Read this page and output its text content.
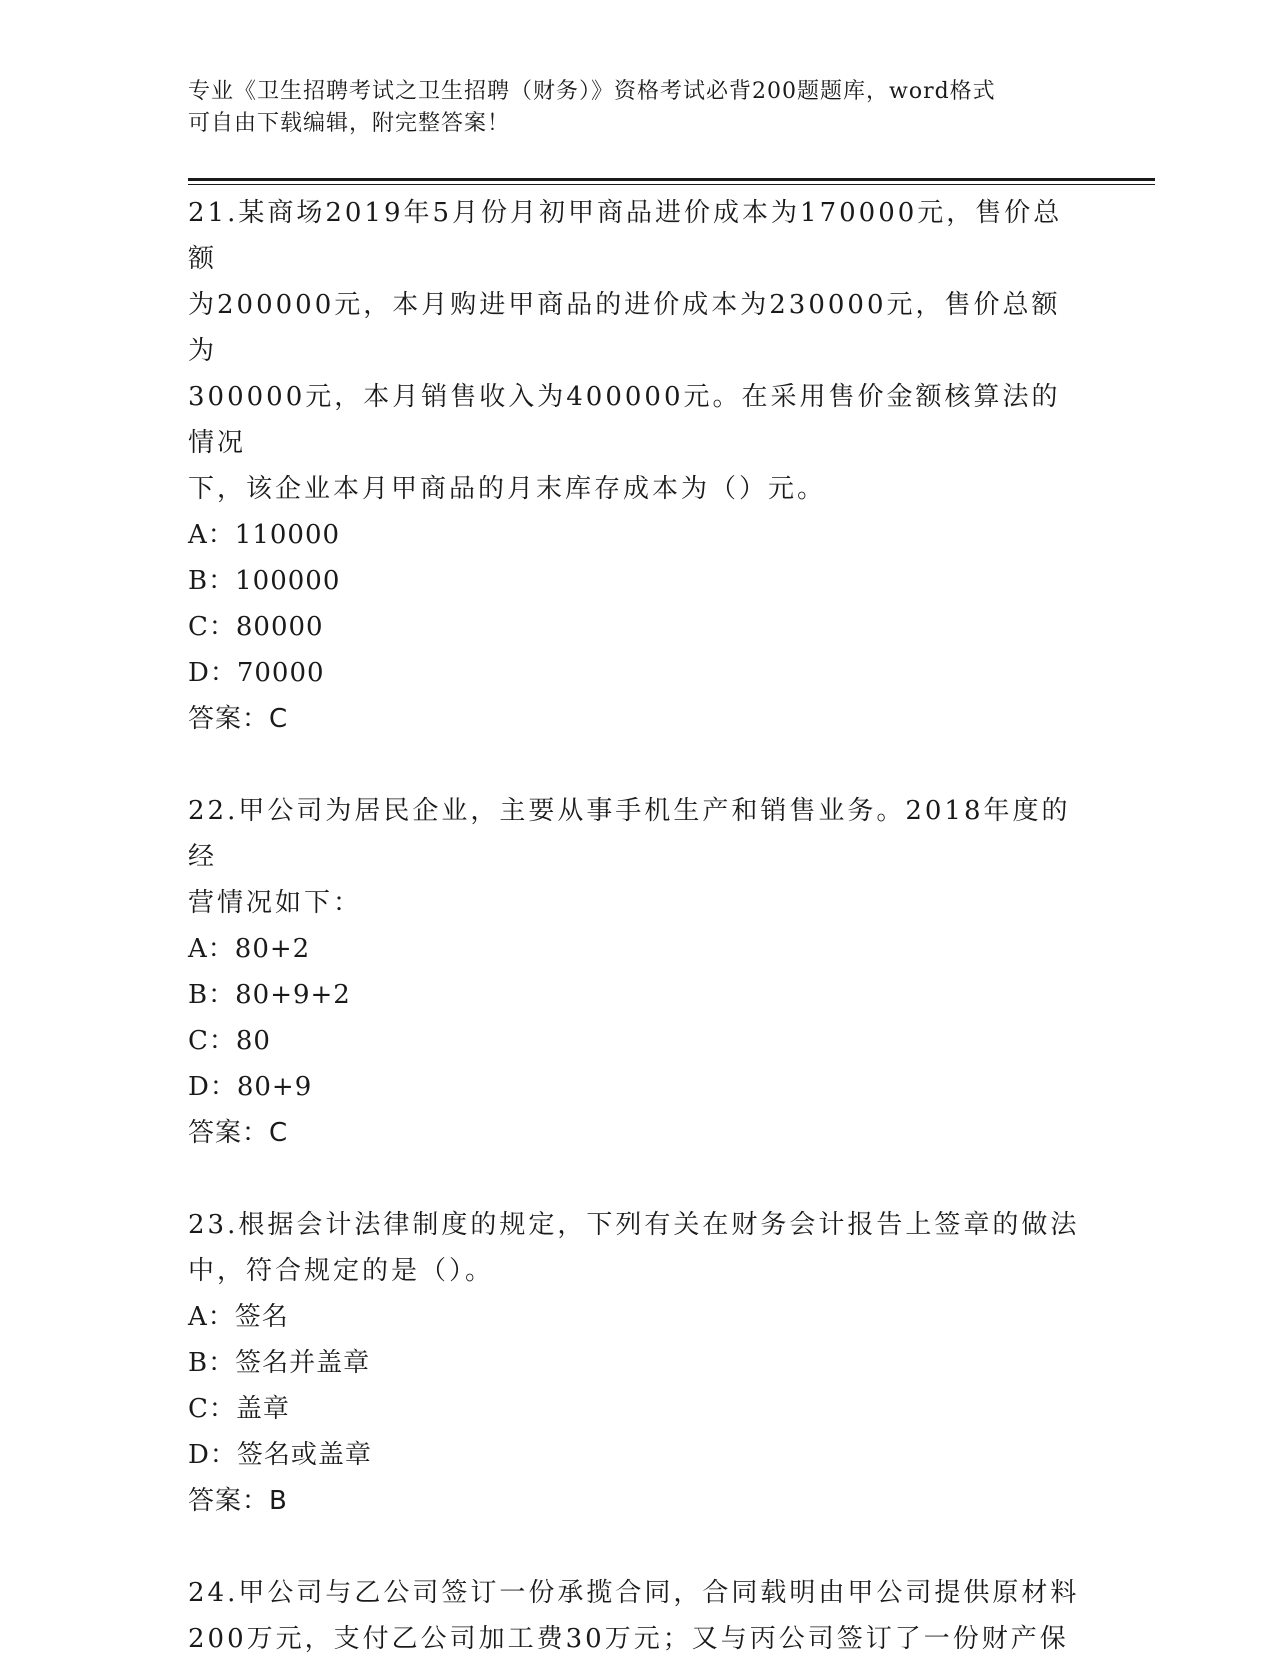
专业《卫生招聘考试之卫生招聘（财务）》资格考试必背200题题库，word格式
可自由下载编辑，附完整答案！
21.某商场2019年5月份月初甲商品进价成本为170000元，售价总额
为200000元，本月购进甲商品的进价成本为230000元，售价总额为
300000元，本月销售收入为400000元。在采用售价金额核算法的情况
下，该企业本月甲商品的月末库存成本为（）元。
A：110000
B：100000
C：80000
D：70000
答案：C
22.甲公司为居民企业，主要从事手机生产和销售业务。2018年度的经
营情况如下：
A：80+2
B：80+9+2
C：80
D：80+9
答案：C
23.根据会计法律制度的规定，下列有关在财务会计报告上签章的做法
中，符合规定的是（）。
A：签名
B：签名并盖章
C：盖章
D：签名或盖章
答案：B
24.甲公司与乙公司签订一份承揽合同，合同载明由甲公司提供原材料
200万元，支付乙公司加工费30万元；又与丙公司签订了一份财产保
